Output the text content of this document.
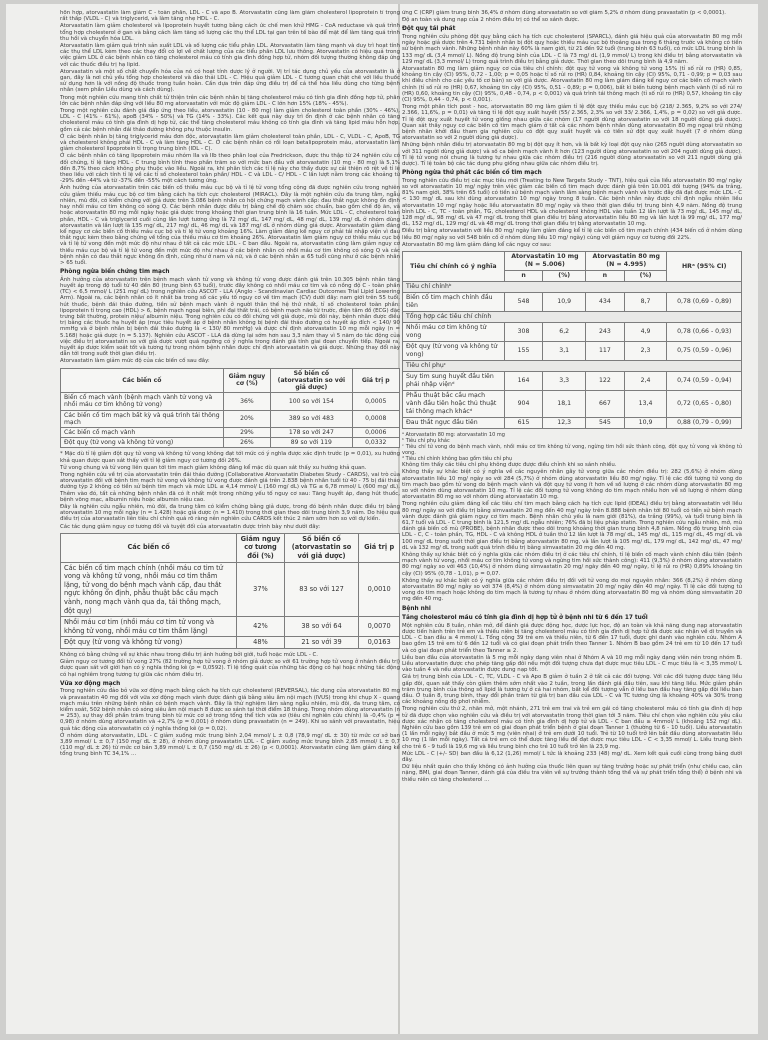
hồn hợp, atorvastatin làm giảm C - toàn phần, LDL - C và apo B. Atorvastatin cũng làm giảm cholesterol lipoprotein tỉ trọng rất thấp (VLDL - C) và triglycerid, và làm tăng nhẹ HDL - C.

Atorvastatin làm giảm cholesterol và lipoprotein huyết tương bằng cách ức chế men khử HMG - CoA reductase và quá trình tổng hợp cholesterol ở gan và bằng cách làm tăng số lượng các thụ thể LDL tại gan trên tế bào để mặt để làm tăng quá trình thu hồi và chuyển hóa LDL.

Atorvastatin làm giảm quá trình sản xuất LDL và số lượng các tiểu phân LDL. Atorvastatin làm tăng mạnh và duy trì hoạt tính các thụ thể LDL kèm theo các thay đổi có lợi về chất lượng của các tiểu phân LDL lưu thông. Atorvastatin có hiệu quả trong việc giảm LDL ở các bệnh nhân có tăng cholesterol máu có tính gia đình đồng hợp tử, nhóm đối tượng thường không đáp ứng với các thuốc điều trị hạ lipid.

Atorvastatin và một số chất chuyển hóa của nó có hoạt tính dược lý ở người. Vị trí tác dụng chủ yếu của atorvastatin là ở gan, đây là nơi chủ yếu tổng hợp cholesterol và đào thải LDL - C. Hiệu quả giảm LDL - C tương quan chặt chẽ với liều thuốc sử dụng hơn là với nồng độ thuốc trong tuần hoàn. Cần dựa trên đáp ứng điều trị để cá thể hóa liều dùng cho từng bệnh nhân (xem phần Liều dùng và cách dùng).

Trong một nghiên cứu mang tính chất tử thiện trên các bệnh nhân bị tăng cholesterol máu có tính gia đình đồng hợp tử, phân lớn các bệnh nhân đáp ứng với liều 80 mg atorvastatin với mức độ giảm LDL - C lớn hơn 15% (18% - 45%).

Trong một nghiên cứu đánh giá đáp ứng theo liều, atorvastatin (10 - 80 mg) làm giảm cholesterol toàn phần (30% - 46%), LDL - C (41% - 61%), apoB (34% - 50%) và TG (14% - 33%). Các kết quả này duy trì ổn định ở các bệnh nhân có tăng cholesterol máu có tính gia đình dị hợp tử, các thể tăng cholesterol máu không có tính gia đình và tăng lipid máu hỗn hợp, gồm cả các bệnh nhân đái tháo đường không phụ thuộc insulin.

Ở các bệnh nhân bị tăng triglycerid máu đơn độc, atorvastatin làm giảm cholesterol toàn phần, LDL - C, VLDL - C, ApoB, TG và cholesterol không phải HDL - C và làm tăng HDL - C. Ở các bệnh nhân có rối loạn betalipoprotein máu, atorvastatin làm giảm cholesterol lipoprotein tỉ trọng trung bình (IDL - C).

Ở các bệnh nhân có tăng lipoprotein máu nhóm IIa và IIb theo phân loại của Fredrickson, được thu thập từ 24 nghiên cứu có đối chứng, tỉ lệ tăng HDL - C trung bình tính theo phần trăm so với mức ban đầu với atorvastatin (10 mg - 80 mg) là 5,1% đến 8,7% theo cách không phụ thuộc vào liều. Ngoài ra, khi phân tích các tỉ lệ này cho thấy được sự cải thiện rõ rệt về tỉ lệ theo liều với cách tính tỉ lệ về các tỉ số cholesterol toàn phần/ HDL - C và LDL - C/ HDL - C lần lượt nằm trong các khoảng từ -29% đến -44% và từ -37% đến -55% một cách tương ứng.

Ảnh hưởng của atorvastatin trên các biến cố thiếu máu cục bộ và tỉ lệ tử vong tổng cộng đã được nghiên cứu trong nghiên cứu giảm thiếu máu cục bộ cơ tim bằng cách hạ tích cực cholesterol (MIRACL). Đây là một nghiên cứu đa trung tâm, ngẫu nhiên, mù đôi, có kiểm chứng với giả dược trên 3.086 bệnh nhân có hội chứng mạch vành cấp: đau thắt ngực không ổn định hay nhồi máu cơ tim không có sóng Q. Các bệnh nhân được điều trị bằng chế độ chăm sóc chuẩn, bao gồm chế độ ăn, và hoặc atorvastatin 80 mg mỗi ngày hoặc giả dược trong khoảng thời gian trung bình là 16 tuần. Mức LDL - C, cholesterol toàn phần, HDL - C và triglycerid cuối cùng lần lượt tương ứng là 72 mg/ dL, 147 mg/ dL, 48 mg/ dL, 139 mg/ dL ở nhóm dùng atorvastatin và lần lượt là 135 mg/ dL, 217 mg/ dL, 46 mg/ dL và 187 mg/ dL ở nhóm dùng giả dược. Atorvastatin giảm đáng kể nguy cơ các biến cố thiếu máu cục bộ và tỉ lệ tử vong khoảng 16%. Làm giảm đáng kể nguy cơ phải tái nhập viện vì đau thắt ngực kèm theo bằng chứng về tổng của thiếu máu cơ tim khoảng 26%. Atorvastatin làm giảm nguy cơ thiếu máu cục bộ và tỉ lệ tử vong đến một mức độ như nhau ở tất cả các mức LDL - C ban đầu. Ngoài ra, atorvastatin cũng làm giảm nguy cơ thiếu máu cục bộ và tỉ lệ tử vong đến một mức độ như nhau ở các bệnh nhân có nhồi máu cơ tim không có sóng Q và các bệnh nhân có đau thắt ngực không ổn định, cũng như ở nam và nữ, và ở các bệnh nhân ≤ 65 tuổi cũng như ở các bệnh nhân > 65 tuổi.

Phòng ngừa biến chứng tim mạch

Ảnh hưởng của atorvastatin trên bệnh mạch vành tử vong và không tử vong được đánh giá trên 10.305 bệnh nhân tăng huyết áp trong độ tuổi từ 40 đến 80 (trung bình 63 tuổi), trước đây không có nhồi máu cơ tim và có nồng độ C - toàn phần (TC) < 6,5 mmol/ L (251 mg/ dL) trong nghiên cứu ASCOT - LLA (Anglo - Scandinavian Cardiac Outcomes Trial Lipid Lowering Arm). Ngoài ra, các bệnh nhân có ít nhất ba trong số các yếu tố nguy cơ về tim mạch (CV) dưới đây: nam giới trên 55 tuổi, hút thuốc, bệnh đái tháo đường, tiền sử bệnh mạch vành ở người thân thế hệ thứ nhất, tỉ số cholesterol toàn phần: lipoprotein tỉ trọng cao (HDL) > 6, bệnh mạch ngoại biên, phì đại thất trái, có bệnh mạch não từ trước, điện tâm đồ (ECG) đặc trưng bất thường, protein niệu/ albumin niệu. Trong nghiên cứu có đối chứng với giả dược, mù đôi này, bệnh nhân được điều trị bằng các thuốc hạ huyết áp (mục tiêu huyết áp ở bệnh nhân không bị bệnh đái tháo đường có huyết áp đích < 140/ 90 mmHg và ở bệnh nhân bị bệnh đái tháo đường là < 130/ 80 mmHg) và được chỉ định atorvastatin 10 mg mỗi ngày (n = 5.168) hoặc giả dược (n = 5.137). Nghiên cứu ASCOT - LLA đã dừng lại sớm hơn sau 3,3 năm thay vì 5 năm do tác động của việc điều trị atorvastatin so với giả dược vượt quá ngưỡng có ý nghĩa trong đánh giá tính giai đoạn chuyển tiếp. Ngoài ra, huyết áp được kiểm soát tốt và tương tự trong nhóm bệnh nhân được chỉ định atorvastatin và giả dược. Những thay đổi này dẫn tới trong suốt thời gian điều trị.

Atorvastatin làm giảm mức độ của các biến cố sau đây:

Các biến cố	Giảm nguy cơ (%)	Số biến cố (atorvastatin so với giả dược)	Giá trị p
Biến cố mạch vành (bệnh mạch vành tử vong và nhồi máu cơ tim không tử vong)	36%	100 so với 154	0,0005
Các biến cố tim mạch bất kỳ và quá trình tái thông mạch	20%	389 so với 483	0,0008
Các biến cố mạch vành	29%	178 so với 247	0,0006
Đột quỵ (tử vong và không tử vong)	26%	89 so với 119	0,0332

* Mặc dù tỉ lệ giảm đột quỵ tử vong và không tử vong không đạt tới mức có ý nghĩa được xác định trước (p = 0,01), xu hướng khả quan được quan sát thấy với tỉ lệ giảm nguy cơ tương đối 26%.

Tử vong chung và tử vong liên quan tới tim mạch giảm không đáng kể mặc dù quan sát thấy xu hướng khả quan.

Trong nghiên cứu về trị của atorvastatin trên đái tháo đường (Collaborative Atorvastatin Diabetes Study - CARDS), vai trò của atorvastatin đối với bệnh tim mạch tử vong và không tử vong được đánh giá trên 2.838 bệnh nhân tuổi từ 40 - 75 bị đái tháo đường týp 2 không có tiền sử bệnh tim mạch và mức LDL ≤ 4,14 mmol/ L (160 mg/ dL) và TG ≤ 6,78 mmol/ L (600 mg/ dL). Thêm vào đó, tất cả những bệnh nhân đã có ít nhất một trong những yếu tố nguy cơ sau: Tăng huyết áp, đang hút thuốc, bệnh võng mạc, albumin niệu hoặc albumin niệu cao.

Đây là nghiên cứu ngẫu nhiên, mù đôi, đa trung tâm có kiểm chứng bằng giả dược, trong đó bệnh nhân được điều trị bằng atorvastatin 10 mg mỗi ngày (n = 1.428) hoặc giả dược (n = 1.410) trong thời gian theo dõi trung bình 3,9 năm. Do hiệu quả điều trị của atorvastatin liên tiêu chí chính quá rõ ràng nên nghiên cứu CARDS kết thúc 2 năm sớm hơn so với dự kiến.

Các tác dụng giảm nguy cơ tương đối và tuyệt đối của atorvastatin được trình bày như dưới đây:

Các biến cố	Giảm nguy cơ tương đối (%)	Số biến cố (atorvastatin so với giả dược)	Giá trị p
Các biến cố tim mạch chính (nhồi máu cơ tim tử vong và không tử vong, nhồi máu cơ tim thầm lặng, tử vong do bệnh mạch vành cấp, đau thắt ngực không ổn định, phẫu thuật bắc cầu mạch vành, nong mạch vành qua da, tái thông mạch, đột quỵ)	37%	83 so với 127	0,0010
Nhồi máu cơ tim (nhồi máu cơ tim tử vong và không tử vong, nhồi máu cơ tim thầm lặng)	42%	38 so với 64	0,0070
Đột quỵ (tử vong và không tử vong)	48%	21 so với 39	0,0163

Không có bằng chứng về sự khác nhau trong điều trị ảnh hưởng bởi giới, tuổi hoặc mức LDL - C.

Giảm nguy cơ tương đối tử vong 27% (82 trường hợp tử vong ở nhóm giả dược so với 61 trường hợp tử vong ở nhánh điều trị) được quan sát với giới hạn có ý nghĩa thống kê (p = 0,0592). Tỉ lệ tổng quát của những tác động có hại hoặc những tác động có hại nghiêm trọng tương tự giữa các nhóm điều trị.

Vữa xơ động mạch

Trong nghiên cứu đảo bỏ vữa xơ động mạch bằng cách hạ tích cực cholesterol (REVERSAL), tác dụng của atorvastatin 80 mg và pravastatin 40 mg đối với vữa xơ động mạch vành được đánh giá bằng siêu âm nội mạch (IVUS) trong khi chụp X - quang mạch máu trên những bệnh nhân có bệnh mạch vành. Đây là thử nghiệm lâm sàng ngẫu nhiên, mù đôi, đa trung tâm, có kiểm soát, 502 bệnh nhân có sóng siêu âm nội mạch 8 được so sánh tại thời điểm 18 tháng. Trong nhóm dùng atorvastatin (n = 253), sự thay đổi phần trăm trung bình từ mức cơ sở trong tổng thể tích vữa xơ (tiêu chí nghiên cứu chính) là -0,4% (p = 0,98) ở nhóm dùng atorvastatin và +2,7% (p = 0,001) ở nhóm dùng pravastatin (n = 249). Khi so sánh với pravastatin, hiệu quả tác động của atorvastatin có ý nghĩa thống kê (p = 0,02).

Ở nhóm dùng atorvastatin, LDL - C giảm xuống mức trung bình 2,04 mmol/ L ± 0,8 (78,9 mg/ dL ± 30) từ mức cơ sở ban 3,89 mmol/ L ± 0,7 (150 mg/ dL ± 28), ở nhóm dùng pravastatin LDL - C giảm xuống mức trung bình 2,85 mmol/ L ± 0,7 (110 mg/ dL ± 26) từ mức cơ bản 3,89 mmol/ L ± 0,7 (150 mg/ dL ± 26) (p < 0,0001). Atorvastatin cũng làm giảm đáng kể tổng trung bình TC 34,1% ...

ứng C (CRP) giảm trung bình 36,4% ở nhóm dùng atorvastatin so với giảm 5,2% ở nhóm dùng pravastatin (p < 0,0001).

Độ an toàn và dung nạp của 2 nhóm điều trị có thể so sánh được.

Đột quỵ tái phát

Trong nghiên cứu phòng đột quỵ bằng cách hạ tích cực cholesterol (SPARCL), đánh giá hiệu quả của atorvastatin 80 mg mỗi ngày hoặc giả dược trên 4.731 bệnh nhân bị đột quỵ hoặc thiếu máu cục bộ thoáng qua trong 6 tháng trước và không có tiền sử bệnh mạch vành. Những bệnh nhân này 60% là nam giới, từ 21 đến 92 tuổi (trung bình 63 tuổi), có mức LDL trung bình là 133 mg/ dL (3,4 mmol/ L). Nồng độ trung bình của LDL - C là 73 mg/ dL (1,9 mmol/ L) trong khi điều trị bằng atorvastatin và 129 mg/ dL (3,3 mmol/ L) trong quá trình điều trị bằng giả dược. Thời gian theo dõi trung bình là 4,9 năm.

Atorvastatin 80 mg làm giảm nguy cơ của tiêu chí chính: đột quỵ tử vong và không tử vong 15% (tỉ số rủi ro (HR) 0,85, khoảng tin cậy (CI) 95%, 0,72 - 1,00; p = 0,05 hoặc tỉ số rủi ro (HR) 0,84, khoảng tin cậy (CI) 95%, 0,71 - 0,99; p = 0,03 sau khi điều chỉnh cho các yếu tố cơ bản) so với giả dược. Atorvastatin 80 mg làm giảm đáng kể nguy cơ các biến cố mạch vành chính (tỉ số rủi ro (HR) 0,67, khoảng tin cậy (CI) 95%, 0,51 - 0,89; p = 0,006), bất kì biến tương bệnh mạch vành (tỉ số rủi ro (HR) 0,60, khoảng tin cậy (CI) 95%, 0,48 - 0,74, p < 0,001) và quá trình tái thông mạch (tỉ số rủi ro (HR) 0,57, khoảng tin cậy (CI) 95%, 0,44 - 0,74, p < 0,001).

Trong một phân tích post - hoc, atorvastatin 80 mg làm giảm tỉ lệ đột quỵ thiếu máu cục bộ (218/ 2.365, 9,2% so với 274/ 2.366, 11,6%, p = 0,01) và tăng tỉ lệ đột quỵ xuất huyết (55/ 2.365, 2,3% so với 33/ 2.366, 1,4%, p = 0,02) so với giả dược. Tỉ lệ đột quỵ xuất huyết tử vong giống nhau giữa các nhóm (17 người dùng atorvastatin so với 18 người dùng giả dược). Quan sát thấy nguy cơ các biến cố tim mạch giảm ở tất cả các nhóm bệnh nhân dùng atorvastatin 80 mg ngoại trừ những bệnh nhân khởi đầu tham gia nghiên cứu có đột quỵ xuất huyết và có tiền sử đột quỵ xuất huyết (7 ở nhóm dùng atorvastatin so với 2 người dùng giả dược).

Những bệnh nhân điều trị atorvastatin 80 mg bị đột quỵ ít hơn, và là bất kỳ loại đột quỵ nào (265 người dùng atorvastatin so với 311 người dùng giả dược) và số ca bệnh mạch vành ít hơn (123 người dùng atorvastatin so với 204 người dùng giả dược). Tỉ lệ tử vong nói chung là tương tự nhau giữa các nhóm điều trị (216 người dùng atorvastatin so với 211 người dùng giả dược). Tỉ lệ toàn bộ các tác dụng phụ giống nhau giữa các nhóm điều trị.

Phòng ngừa thứ phát các biến cố tim mạch

Trong nghiên cứu điều trị các mục tiêu mới (Treating to New Targets Study - TNT), hiệu quả của liều atorvastatin 80 mg/ ngày so với atorvastatin 10 mg/ ngày trên việc giảm các biến cố tim mạch được đánh giá trên 10.001 đối tượng (94% da trắng, 81% nam giới, 38% trên 65 tuổi) có tiền sử bệnh mạch vành lâm sàng bệnh mạch vành và trước đây đã đạt được mức LDL - C < 130 mg/ dL sau khi dùng atorvastatin 10 mg/ ngày trong 8 tuần. Các bệnh nhân này được chỉ định ngẫu nhiên liều atorvastatin 10 mg/ ngày hoặc liều atorvastatin 80 mg/ ngày và theo thời gian điều trị trung bình 4,9 năm. Nồng độ trung bình LDL - C, TC - toàn phần, TG, cholesterol HDL và cholesterol không HDL vào tuần 12 lần lượt là 73 mg/ dL, 145 mg/ dL, 128 mg/ dL, 98 mg/ dL và 47 mg/ dL trong thời gian điều trị bằng atorvastatin liều 80 mg và lần lượt là 99 mg/ dL, 177 mg/ dL, 152 mg/ dL, 129 mg/ dL và 48 mg/ dL trong thời gian điều trị bằng atorvastatin 10 mg.

Điều trị bằng atorvastatin với liều 80 mg/ ngày làm giảm đáng kể tỉ lệ các biến cố tim mạch chính (434 biến cố ở nhóm dùng liều 80 mg/ ngày so với 548 biến cố ở nhóm dùng liều 10 mg/ ngày) cùng với giảm nguy cơ tương đối 22%.

Atorvastatin 80 mg làm giảm đáng kể các nguy cơ sau:

Tiêu chí chính có ý nghĩa	Atorvastatin 10 mg
(N = 5.006)		Atorvastatin 80 mg
(N = 4.995)		HRᵃ (95% CI)
	n	(%)	n	(%)	
Tiêu chí chínhᵇ					
Biến cố tim mạch chính đầu tiên	548	10,9	434	8,7	0,78 (0,69 - 0,89)
Tổng hợp các tiêu chí chính					
Nhồi máu cơ tim không tử vong	308	6,2	243	4,9	0,78 (0,66 - 0,93)
Đột quỵ (tử vong và không tử vong)	155	3,1	117	2,3	0,75 (0,59 - 0,96)
Tiêu chí phụᶜ					
Suy tim sung huyết đầu tiên phải nhập việnᵈ	164	3,3	122	2,4	0,74 (0,59 - 0,94)
Phẫu thuật bắc cầu mạch vành đầu tiên hoặc thủ thuật tái thông mạch khácᵈ	904	18,1	667	13,4	0,72 (0,65 - 0,80)
Đau thắt ngực đầu tiên	615	12,3	545	10,9	0,88 (0,79 - 0,99)

ᵃ Atorvastatin 80 mg: atorvastatin 10 mg

ᵇ Tiêu chí phụ khác

ᶜ Tiêu chí tử vong do bệnh mạch vành, nhồi máu cơ tim không tử vong, ngừng tim hồi sức thành công, đột quỵ tử vong và không tử vong.

ᵈ Tiêu chí chính không bao gồm tiêu chí phụ

Không tìm thấy các tiêu chí phụ không được được điều chỉnh khi so sánh nhiều.

Không thấy sự khác biệt có ý nghĩa về các nguyên nhân gây tử vong giữa các nhóm điều trị: 282 (5,6%) ở nhóm dùng atorvastatin liều 10 mg/ ngày so với 284 (5,7%) ở nhóm dùng atorvastatin liều 80 mg/ ngày. Tỉ lệ các đối tượng tử vong do tim mạch bao gồm tử vong do bệnh mạch vành và đột quỵ tử vong ít hơn về số lượng ở các nhóm dùng atorvastatin 80 mg so với nhóm dùng atorvastatin 10 mg. Tỉ lệ các đối tượng tử vong không do tim mạch nhiều hơn về số lượng ở nhóm dùng atorvastatin 80 mg so với nhóm dùng atorvastatin 10 mg.

Trong nghiên cứu giảm đáng kể các tiêu chí tim mạch bằng cách hạ tích cực lipid (IDEAL) điều trị bằng atorvastatin với liều 80 mg/ ngày so với điều trị bằng simvastatin 20 mg đến 40 mg/ ngày trên 8.888 bệnh nhân tới 80 tuổi có tiền sử bệnh mạch vành được đánh giá giảm nguy cơ tim mạch. Bệnh nhân chủ yếu là nam giới (81%), da trắng (99%), và tuổi trung bình là 61,7 tuổi và LDL - C trung bình là 121,5 mg/ dL ngẫu nhiên; 76% đã bị liệu pháp statin. Trong nghiên cứu ngẫu nhiên, mở, mù đánh giá biến cố mù (PROBE), bệnh nhân được theo dõi trong khoảng thời gian trung bình 4,8 năm. Nồng độ trung bình của LDL - C, C - toàn phần, TG, HDL - C và không HDL ở tuần thứ 12 lần lượt là 78 mg/ dL, 145 mg/ dL, 115 mg/ dL, 45 mg/ dL và 100 mg/ dL trong suốt thời gian điều trị bằng atorvastatin 80 mg, và lần lượt là 105 mg/ dL, 179 mg/ dL, 142 mg/ dL, 47 mg/ dL và 132 mg/ dL trong suốt quá trình điều trị bằng simvastatin 20 mg đến 40 mg.

Không thấy sự khác biệt có ý nghĩa giữa các nhóm điều trị ở các tiêu chí chính, tỉ lệ biến cố mạch vành chính đầu tiên (bệnh mạch vành tử vong, nhồi máu cơ tim không tử vong và ngừng tim hồi sức thành công): 411 (9,3%) ở nhóm dùng atorvastatin 80 mg/ ngày so với 463 (10,4%) ở nhóm dùng simvastatin 20 mg/ ngày đến 40 mg/ ngày, tỉ lệ rủi ro (HR) 0,89% khoảng tin cậy (CI) 95% (0,78 - 1,01), p = 0,07.

Không thấy sự khác biệt có ý nghĩa giữa các nhóm điều trị đối với tử vong do mọi nguyên nhân: 366 (8,2%) ở nhóm dùng atorvastatin 80 mg/ ngày so với 374 (8,4%) ở nhóm dùng simvastatin 20 mg/ ngày đến 40 mg/ ngày. Tỉ lệ các đối tượng tử vong do tim mạch hoặc không do tim mạch là tương tự nhau ở nhóm dùng atorvastatin 80 mg và nhóm dùng simvastatin 20 mg đến 40 mg.

Bệnh nhi
Tăng cholesterol máu có tính gia đình dị hợp tử ở bệnh nhi từ 6 đến 17 tuổi

Một nghiên cứu 8 tuần, nhãn mở, để đánh giá được động học, dược lực học, độ an toàn và khả năng dung nạp atorvastatin được tiến hành trên trẻ em và thiếu niên bị tăng cholesterol máu có tính gia đình dị hợp tử đã được xác nhận về di truyền và LDL - C ban đầu ≥ 4 mmol/ L. Tổng cộng 39 trẻ em và thiếu niên, từ 6 đến 17 tuổi, được ghi danh vào nghiên cứu. Nhóm A bao gồm 15 trẻ em từ 6 đến 12 tuổi và có giai đoạn phát triển theo Tanner 1. Nhóm B bao gồm 24 trẻ em từ 10 đến 17 tuổi và có giai đoạn phát triển theo Tanner ≥ 2.

Liều ban đầu của atorvastatin là 5 mg mỗi ngày dạng viên nhai ở Nhóm A và 10 mg mỗi ngày dạng viên nén trong nhóm B. Liều atorvastatin được cho phép tăng gấp đôi nếu một đối tượng chưa đạt được mục tiêu LDL - C mục tiêu là < 3,35 mmol/ L vào tuần 4 và nếu atorvastatin được dung nạp tốt.

Giá trị trung bình của LDL - C, TC, VLDL - C và Apo B giảm ở tuần 2 ở tất cả các đối tượng. Với các đối tượng được tăng liều gấp đôi, quan sát thấy còn giảm thêm sớm nhất vào 2 tuần, trong lần đánh giá đầu tiên, sau khi tăng liều. Mức giảm phần trăm trung bình của thông số lipid là tương tự ở cả hai nhóm, bất kể đối tượng vẫn ở liều ban đầu hay tăng gấp đôi liều ban đầu. Ở tuần 8, trung bình, thay đổi phần trăm từ giá trị ban đầu của LDL - C và TC tương ứng là khoảng 40% và 30% trong các khoảng nồng độ phơi nhiễm.

Trong nghiên cứu thứ 2, nhãn mở, một nhánh, 271 trẻ em trai và trẻ em gái có tăng cholesterol máu có tính gia đình dị hợp tử đã được chọn vào nghiên cứu và điều trị với atorvastatin trong thời gian tới 3 năm. Tiêu chí chọn vào nghiên cứu yêu cầu được xác nhận có tăng cholesterol máu có tính gia đình dị hợp tử và LDL - C ban đầu ≥ 4mmol/ L (khoảng 152 mg/ dL). Nghiên cứu bao gồm 139 trẻ em có giai đoạn phát triển bệnh ở giai đoạn Tanner 1 (thường từ 6 - 10 tuổi). Liều atorvastatin (1 lần mỗi ngày) bắt đầu ở mức 5 mg (viên nhai) ở trẻ em dưới 10 tuổi. Trẻ từ 10 tuổi trở lên bắt đầu dùng atorvastatin liều 10 mg (1 lần mỗi ngày). Tất cả trẻ em có thể được tăng liều để đạt được mục tiêu LDL - C < 3,35 mmol/ L. Liều trung bình cho trẻ 6 - 9 tuổi là 19,6 mg và liều trung bình cho trẻ 10 tuổi trở lên là 23,9 mg.

Mức LDL - C (+/- SD) ban đầu là 6,12 (1,26) mmol/ L tức là khoảng 233 (48) mg/ dL. Xem kết quả cuối cùng trong bảng dưới đây.

Dữ liệu nhất quán cho thấy không có ảnh hưởng của thuốc liên quan sự tăng trưởng hoặc sự phát triển (như chiều cao, cân nặng, BMI, giai đoạn Tanner, đánh giá của điều tra viên về sự trưởng thành tổng thể và sự phát triển tổng thể) ở bệnh nhi và thiếu niên có tăng cholesterol ...
